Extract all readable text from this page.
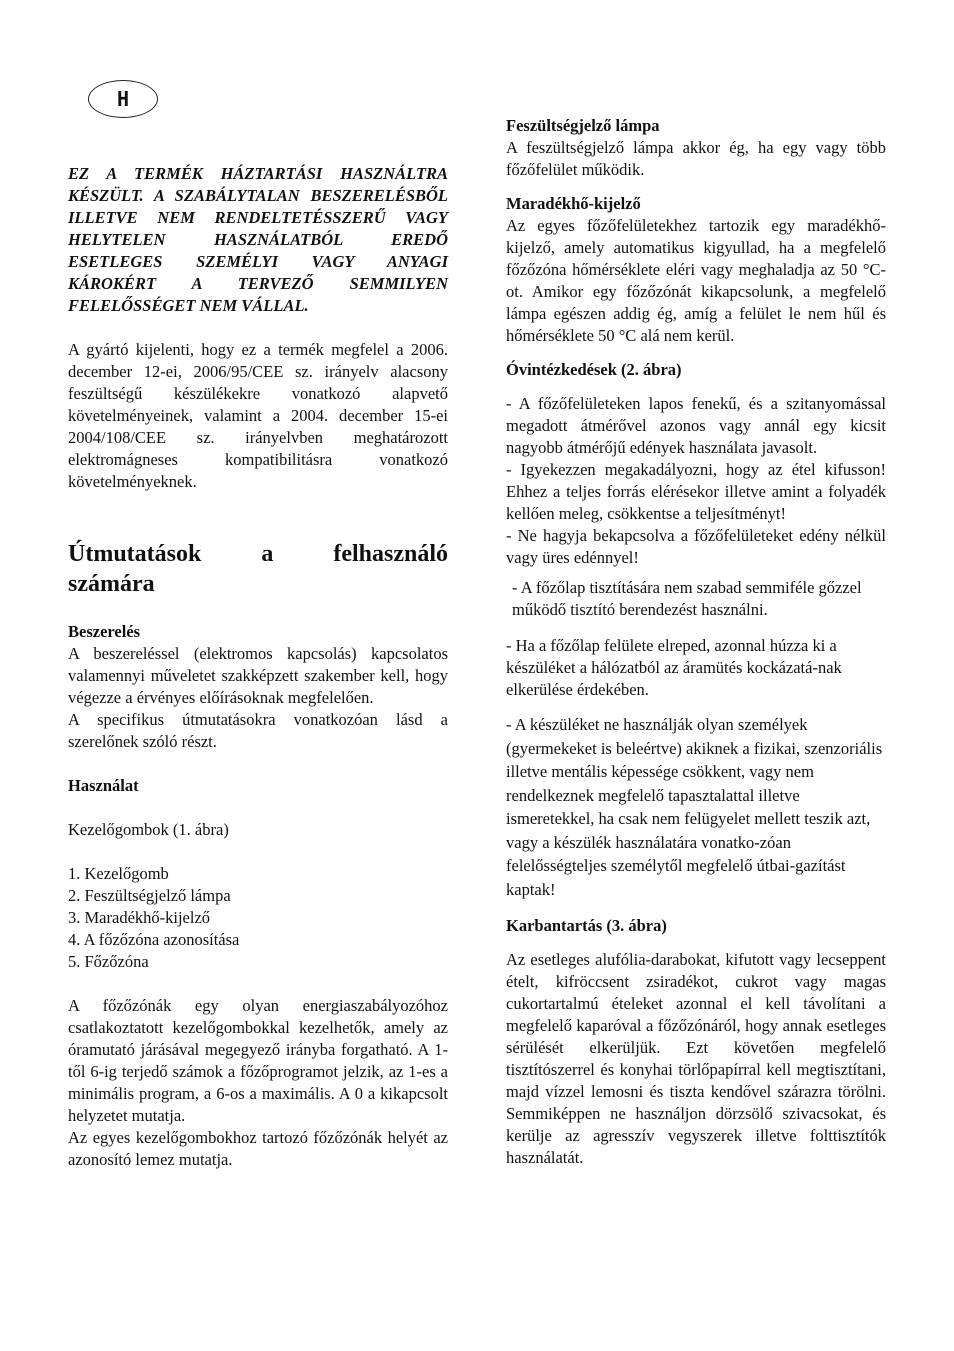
H

EZ A TERMÉK HÁZTARTÁSI HASZNÁLTRA KÉSZÜLT. A SZABÁLYTALAN BESZERELÉSBŐL ILLETVE NEM RENDELTETÉSSZERŰ VAGY HELYTELEN HASZNÁLATBÓL EREDŐ ESETLEGES SZEMÉLYI VAGY ANYAGI KÁROKÉRT A TERVEZŐ SEMMILYEN FELELŐSSÉGET NEM VÁLLAL.

A gyártó kijelenti, hogy ez a termék megfelel a 2006. december 12-ei, 2006/95/CEE sz. irányelv alacsony feszültségű készülékekre vonatkozó alapvető követelményeinek, valamint a 2004. december 15-ei 2004/108/CEE sz. irányelvben meghatározott elektromágneses kompatibilitásra vonatkozó követelményeknek.

Útmutatások a felhasználó
számára
Beszerelés

A beszereléssel (elektromos kapcsolás) kapcsolatos valamennyi műveletet szakképzett szakember kell, hogy végezze a érvényes előírásoknak megfelelően.

A specifikus útmutatásokra vonatkozóan lásd a szerelőnek szóló részt.

Használat

Kezelőgombok (1. ábra)

1. Kezelőgomb
2. Feszültségjelző lámpa
3. Maradékhő-kijelző
4. A főzőzóna azonosítása
5. Főzőzóna

A főzőzónák egy olyan energiaszabályozóhoz csatlakoztatott kezelőgombokkal kezelhetők, amely az óramutató járásával megegyező irányba forgatható. A 1-től 6-ig terjedő számok a főzőprogramot jelzik, az 1-es a minimális program, a 6-os a maximális. A 0 a kikapcsolt helyzetet mutatja.

Az egyes kezelőgombokhoz tartozó főzőzónák helyét az azonosító lemez mutatja.

Feszültségjelző lámpa

A feszültségjelző lámpa akkor ég, ha egy vagy több főzőfelület működik.

Maradékhő-kijelző

Az egyes főzőfelületekhez tartozik egy maradékhő-kijelző, amely automatikus kigyullad, ha a megfelelő főzőzóna hőmérséklete eléri vagy meghaladja az 50 °C-ot. Amikor egy főzőzónát kikapcsolunk, a megfelelő lámpa egészen addig ég, amíg a felület le nem hűl és hőmérséklete 50 °C alá nem kerül.

Óvintézkedések (2. ábra)

- A főzőfelületeken lapos fenekű, és a szitanyomással megadott átmérővel azonos vagy annál egy kicsit nagyobb átmérőjű edények használata javasolt.

- Igyekezzen megakadályozni, hogy az étel kifusson! Ehhez a teljes forrás elérésekor illetve amint a folyadék kellően meleg, csökkentse a teljesítményt!

- Ne hagyja bekapcsolva a főzőfelületeket edény nélkül vagy üres edénnyel!

- A főzőlap tisztítására nem szabad semmiféle gőzzel működő tisztító berendezést használni.

- Ha a főzőlap felülete elreped, azonnal húzza ki a készüléket a hálózatból az áramütés kockázatá-nak elkerülése érdekében.

- A készüléket ne használják olyan személyek (gyermekeket is beleértve) akiknek a fizikai, szenzoriális illetve mentális képessége csökkent, vagy nem rendelkeznek megfelelő tapasztalattal illetve ismeretekkel, ha csak nem felügyelet mellett teszik azt, vagy a készülék használatára vonatko-zóan felelősségteljes személytől megfelelő útbai-gazítást kaptak!

Karbantartás (3. ábra)

Az esetleges alufólia-darabokat, kifutott vagy lecseppent ételt, kifröccsent zsiradékot, cukrot vagy magas cukortartalmú ételeket azonnal el kell távolítani a megfelelő kaparóval a főzőzónáról, hogy annak esetleges sérülését elkerüljük. Ezt követően megfelelő tisztítószerrel és konyhai törlőpapírral kell megtisztítani, majd vízzel lemosni és tiszta kendővel szárazra törölni. Semmiképpen ne használjon dörzsölő szivacsokat, és kerülje az agresszív vegyszerek illetve folttisztítók használatát.
